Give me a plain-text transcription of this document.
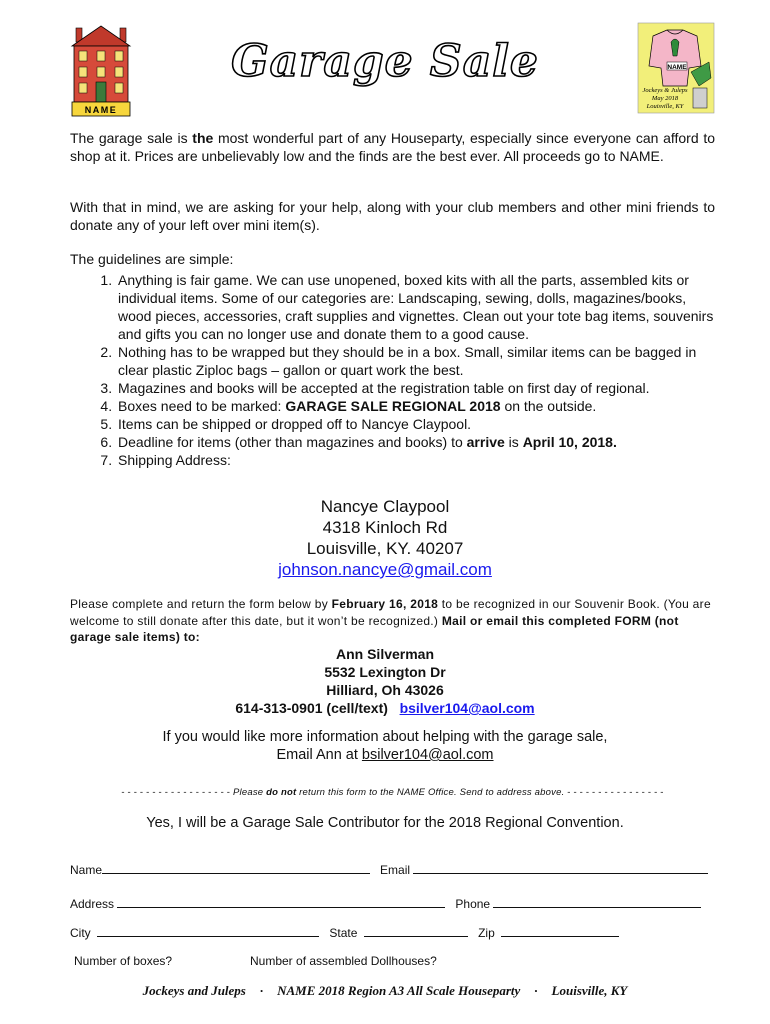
NAME
NAME
Jockeys & Juleps
May 2018
Louisville, KY
Garage Sale
The garage sale is the most wonderful part of any Houseparty, especially since everyone can afford to shop at it. Prices are unbelievably low and the finds are the best ever. All proceeds go to NAME.
With that in mind, we are asking for your help, along with your club members and other mini friends to donate any of your left over mini item(s).
The guidelines are simple:
1. Anything is fair game. We can use unopened, boxed kits with all the parts, assembled kits or individual items. Some of our categories are: Landscaping, sewing, dolls, magazines/books, wood pieces, accessories, craft supplies and vignettes. Clean out your tote bag items, souvenirs and gifts you can no longer use and donate them to a good cause.
2. Nothing has to be wrapped but they should be in a box. Small, similar items can be bagged in clear plastic Ziploc bags – gallon or quart work the best.
3. Magazines and books will be accepted at the registration table on first day of regional.
4. Boxes need to be marked: GARAGE SALE REGIONAL 2018 on the outside.
5. Items can be shipped or dropped off to Nancye Claypool.
6. Deadline for items (other than magazines and books) to arrive is April 10, 2018.
7. Shipping Address:
Nancye Claypool
4318 Kinloch Rd
Louisville, KY. 40207
johnson.nancye@gmail.com
Please complete and return the form below by February 16, 2018 to be recognized in our Souvenir Book. (You are welcome to still donate after this date, but it won’t be recognized.) Mail or email this completed FORM (not garage sale items) to:
Ann Silverman
5532 Lexington Dr
Hilliard, Oh 43026
614-313-0901 (cell/text) bsilver104@aol.com
If you would like more information about helping with the garage sale,
Email Ann at bsilver104@aol.com
- - - - - - - - - - - - - - - - - - Please do not return this form to the NAME Office. Send to address above. - - - - - - - - - - - - - - - -
Yes, I will be a Garage Sale Contributor for the 2018 Regional Convention.
Name	Email
Address	Phone
City	State	Zip
Number of boxes?	Number of assembled Dollhouses?
Jockeys and Juleps · NAME 2018 Region A3 All Scale Houseparty · Louisville, KY
